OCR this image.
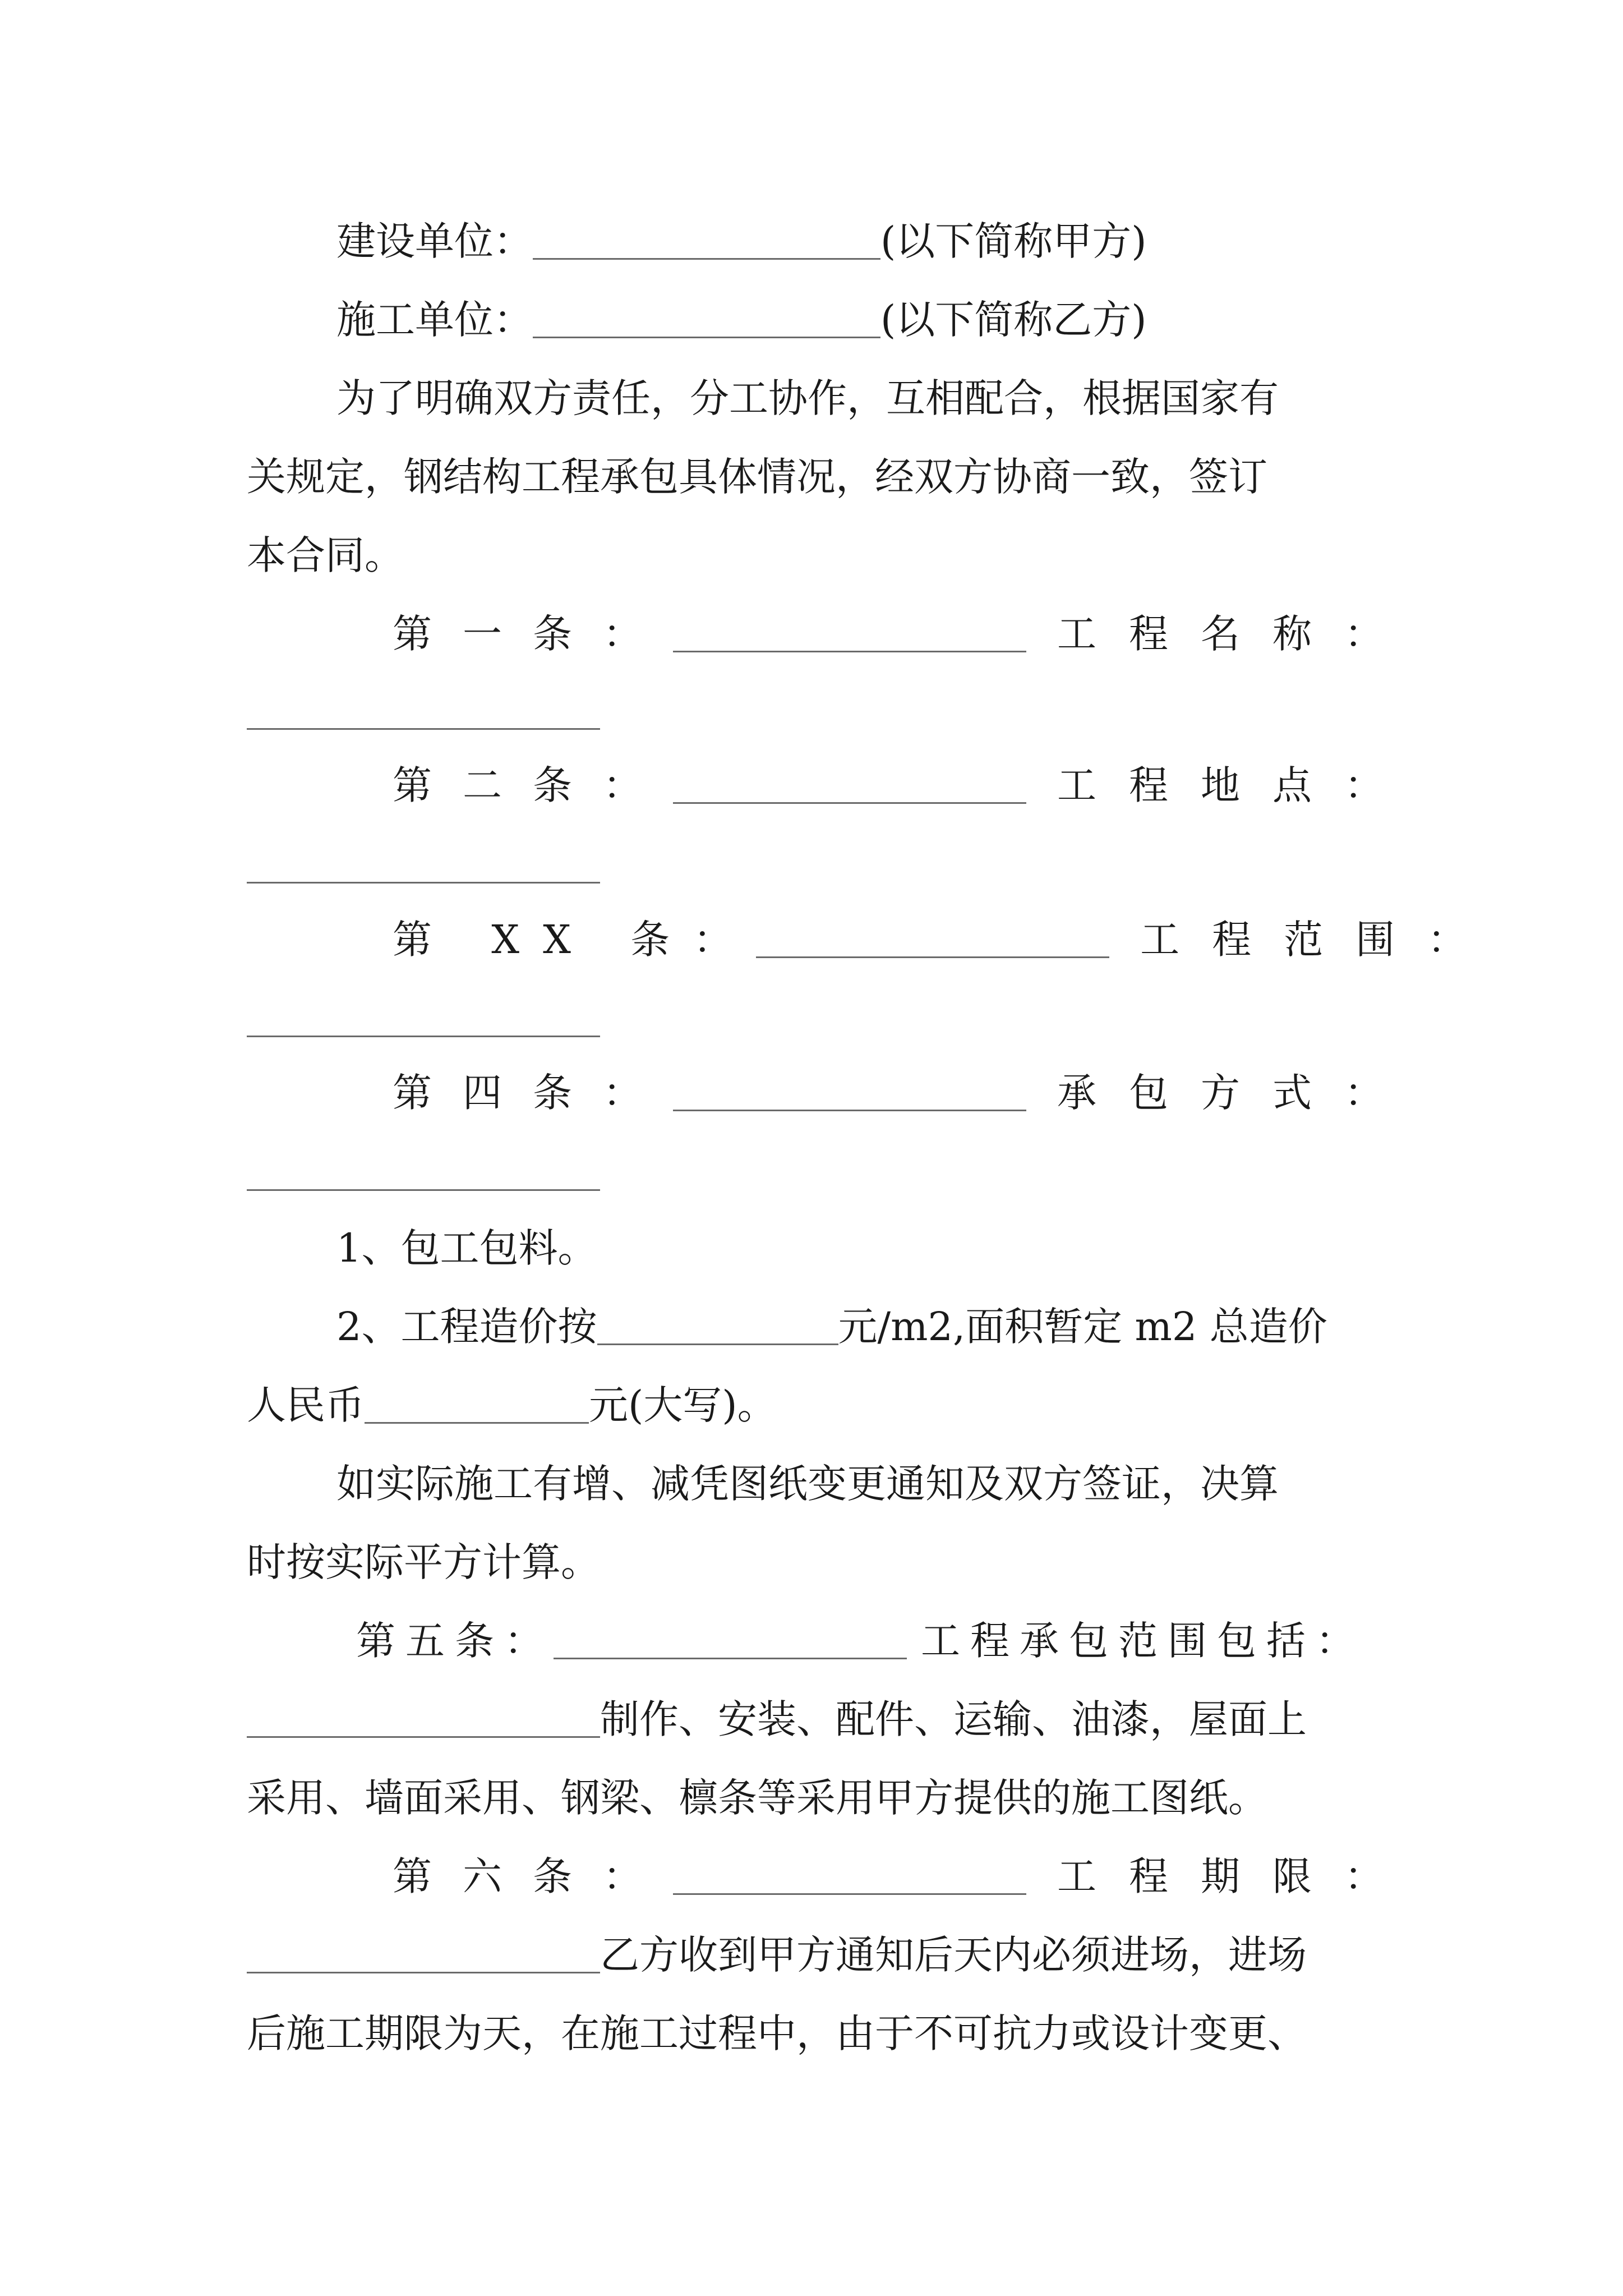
建设单位：	(以下简称甲方)
施工单位：	(以下简称乙方)
为了明确双方责任，分工协作，互相配合，根据国家有
关规定，钢结构工程承包具体情况，经双方协商一致，签订
本合同。
第一条：	工程名称：
第二条：	工程地点：
第 XX 条：	工程范围：
第四条：	承包方式：
1、包工包料。
2、工程造价按	元/m2,面积暂定 m2 总造价
人民币	元(大写)。
如实际施工有增、减凭图纸变更通知及双方签证，决算
时按实际平方计算。
第五条：	工程承包范围包括：
制作、安装、配件、运输、油漆，屋面上
采用、墙面采用、钢梁、檩条等采用甲方提供的施工图纸。
第六条：	工程期限：
乙方收到甲方通知后天内必须进场，进场
后施工期限为天，在施工过程中，由于不可抗力或设计变更、
